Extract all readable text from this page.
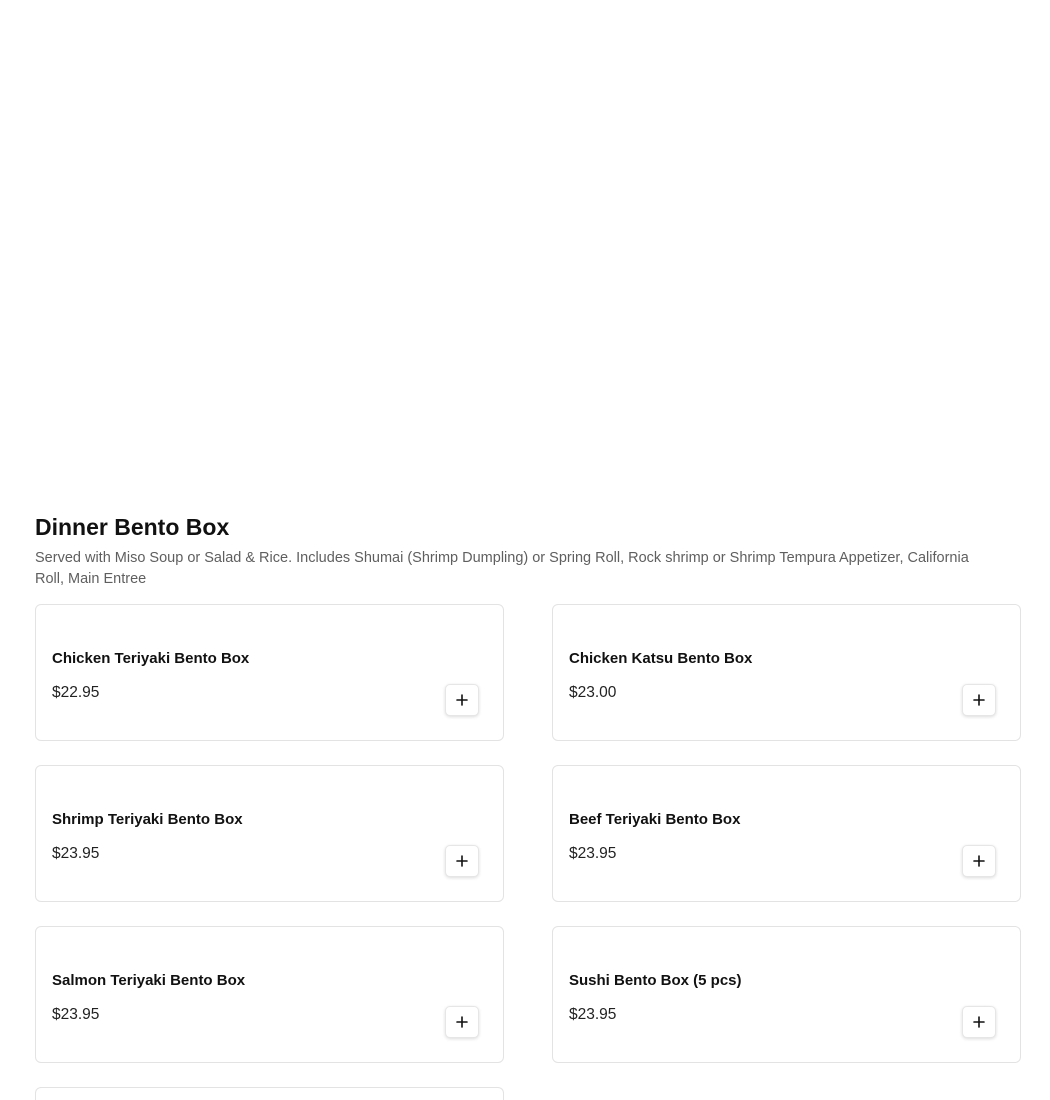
Dinner Bento Box

Served with Miso Soup or Salad & Rice. Includes Shumai (Shrimp Dumpling) or Spring Roll, Rock shrimp or Shrimp Tempura Appetizer, California Roll, Main Entree

Chicken Teriyaki Bento Box
$22.95
Chicken Katsu Bento Box
$23.00
Shrimp Teriyaki Bento Box
$23.95
Beef Teriyaki Bento Box
$23.95
Salmon Teriyaki Bento Box
$23.95
Sushi Bento Box (5 pcs)
$23.95
